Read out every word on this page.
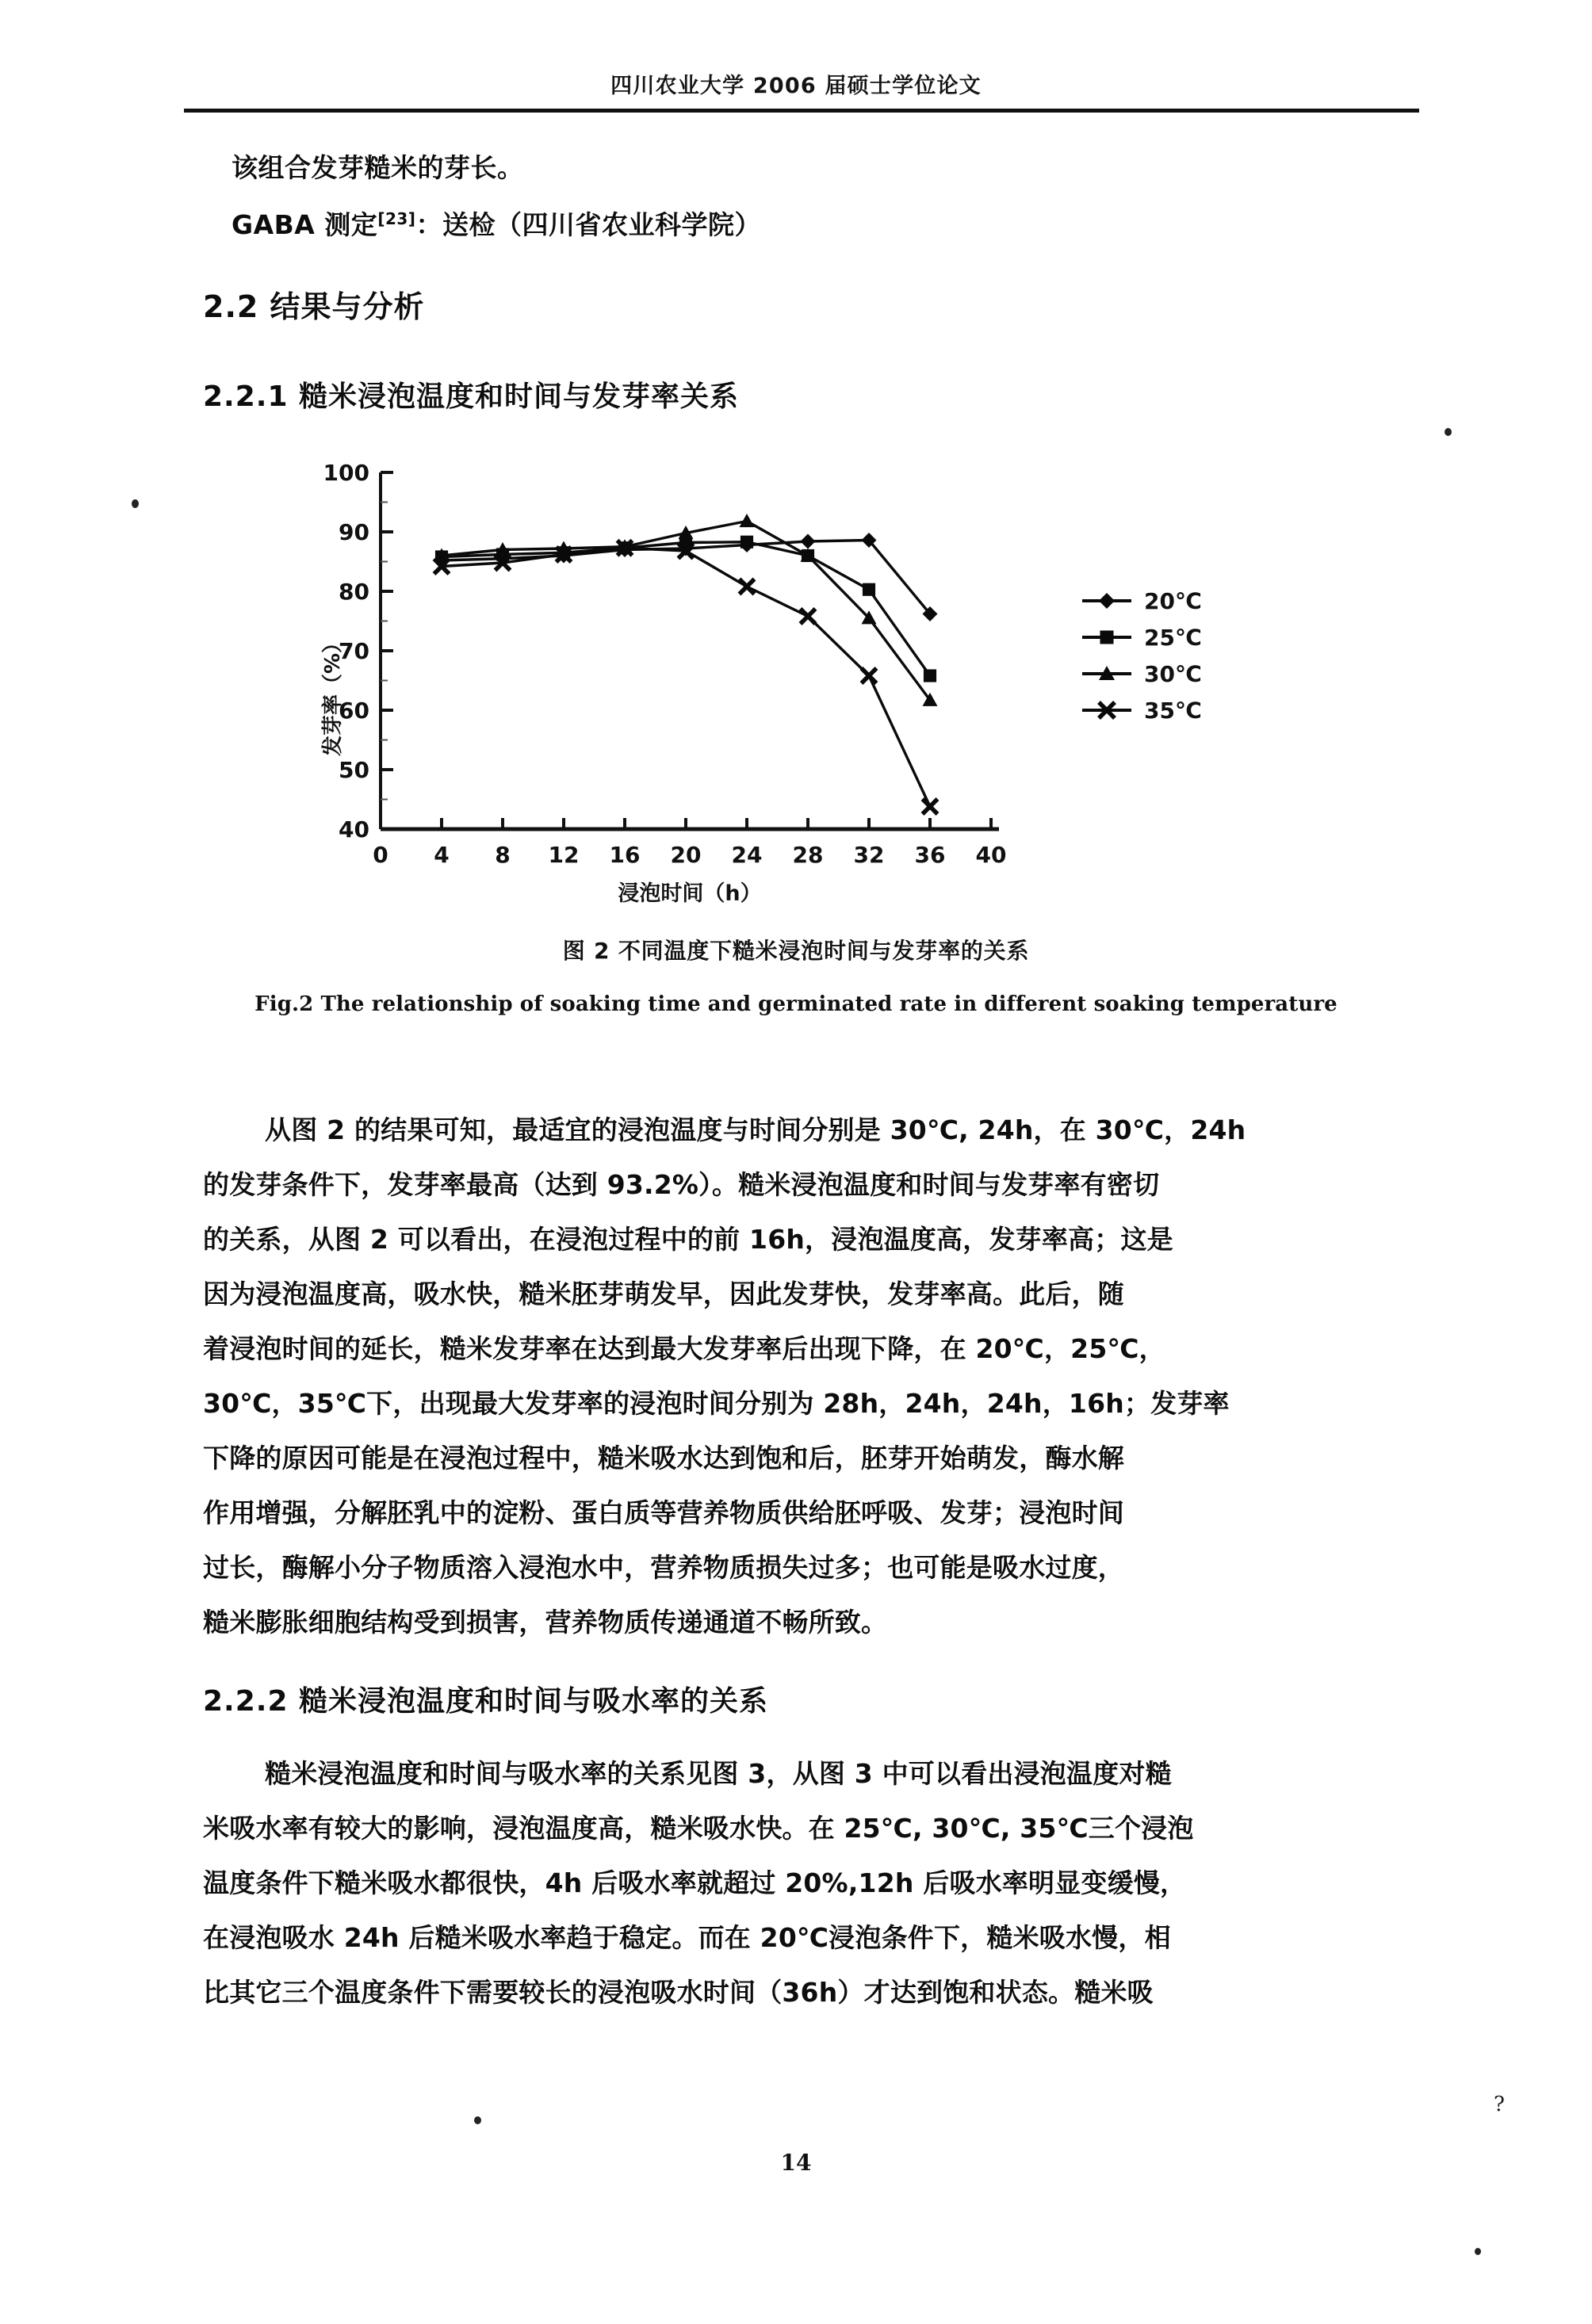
四川农业大学 2006 届硕士学位论文
该组合发芽糙米的芽长。
GABA 测定[23]：送检（四川省农业科学院）
2.2 结果与分析
2.2.1 糙米浸泡温度和时间与发芽率关系
40
50
60
70
80
90
100
0 4 8 12 16 20 24 28 32 36 40
发芽率（%）
浸泡时间（h）
20℃
25℃
30℃
35℃
图 2 不同温度下糙米浸泡时间与发芽率的关系
Fig.2 The relationship of soaking time and germinated rate in different soaking temperature
从图 2 的结果可知，最适宜的浸泡温度与时间分别是 30℃, 24h，在 30℃，24h
的发芽条件下，发芽率最高（达到 93.2%）。糙米浸泡温度和时间与发芽率有密切
的关系，从图 2 可以看出，在浸泡过程中的前 16h，浸泡温度高，发芽率高；这是
因为浸泡温度高，吸水快，糙米胚芽萌发早，因此发芽快，发芽率高。此后，随
着浸泡时间的延长，糙米发芽率在达到最大发芽率后出现下降，在 20℃，25℃，
30℃，35℃下，出现最大发芽率的浸泡时间分别为 28h，24h，24h，16h；发芽率
下降的原因可能是在浸泡过程中，糙米吸水达到饱和后，胚芽开始萌发，酶水解
作用增强，分解胚乳中的淀粉、蛋白质等营养物质供给胚呼吸、发芽；浸泡时间
过长，酶解小分子物质溶入浸泡水中，营养物质损失过多；也可能是吸水过度，
糙米膨胀细胞结构受到损害，营养物质传递通道不畅所致。
2.2.2 糙米浸泡温度和时间与吸水率的关系
糙米浸泡温度和时间与吸水率的关系见图 3，从图 3 中可以看出浸泡温度对糙
米吸水率有较大的影响，浸泡温度高，糙米吸水快。在 25℃, 30℃, 35℃三个浸泡
温度条件下糙米吸水都很快，4h 后吸水率就超过 20%,12h 后吸水率明显变缓慢，
在浸泡吸水 24h 后糙米吸水率趋于稳定。而在 20℃浸泡条件下，糙米吸水慢，相
比其它三个温度条件下需要较长的浸泡吸水时间（36h）才达到饱和状态。糙米吸
14
?
